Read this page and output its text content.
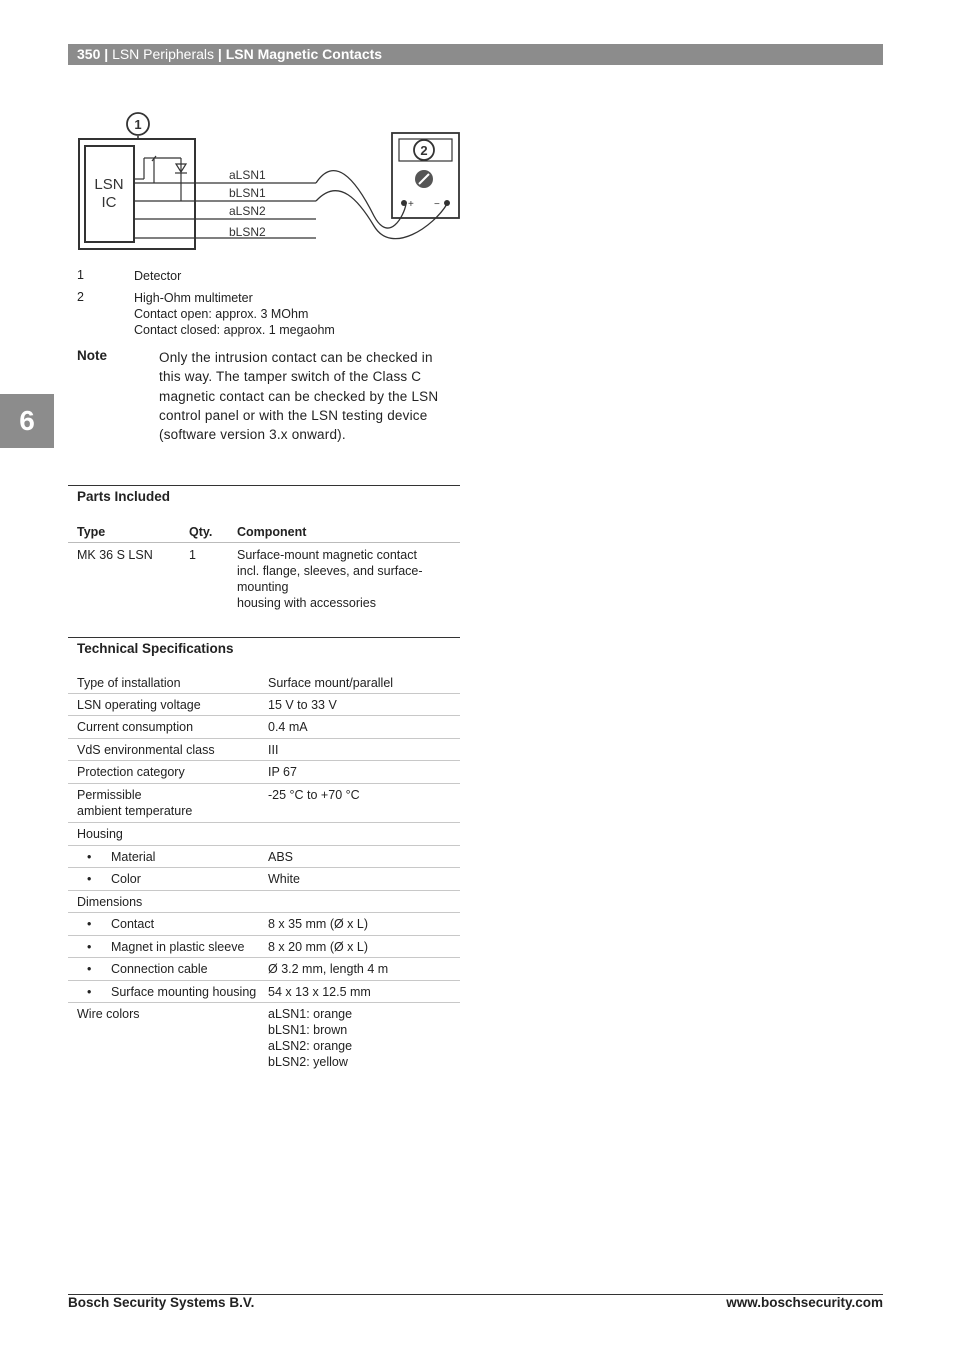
350 | LSN Peripherals | LSN Magnetic Contacts
6
LSN
IC
aLSN1
bLSN1
aLSN2
bLSN2
+ −
1
2
1	Detector
2	High-Ohm multimeter
Contact open: approx. 3 MOhm
Contact closed: approx. 1 megaohm
Note	Only the intrusion contact can be checked in
this way. The tamper switch of the Class C
magnetic contact can be checked by the LSN
control panel or with the LSN testing device
(software version 3.x onward).
Parts Included
Type	Qty.	Component
MK 36 S LSN	1	Surface-mount magnetic contact
incl. flange, sleeves, and surface-mounting
housing with accessories
Technical Specifications
Type of installation	Surface mount/parallel
LSN operating voltage	15 V to 33 V
Current consumption	0.4 mA
VdS environmental class	III
Protection category	IP 67
Permissible
ambient temperature
-25 °C to +70 °C
Housing
• Material	ABS
• Color	White
Dimensions
• Contact	8 x 35 mm (Ø x L)
• Magnet in plastic sleeve 8 x 20 mm (Ø x L)
• Connection cable	Ø 3.2 mm, length 4 m
• Surface mounting housing 54 x 13 x 12.5 mm
Wire colors	aLSN1: orange
bLSN1: brown
aLSN2: orange
bLSN2: yellow
Bosch Security Systems B.V.	www.boschsecurity.com
